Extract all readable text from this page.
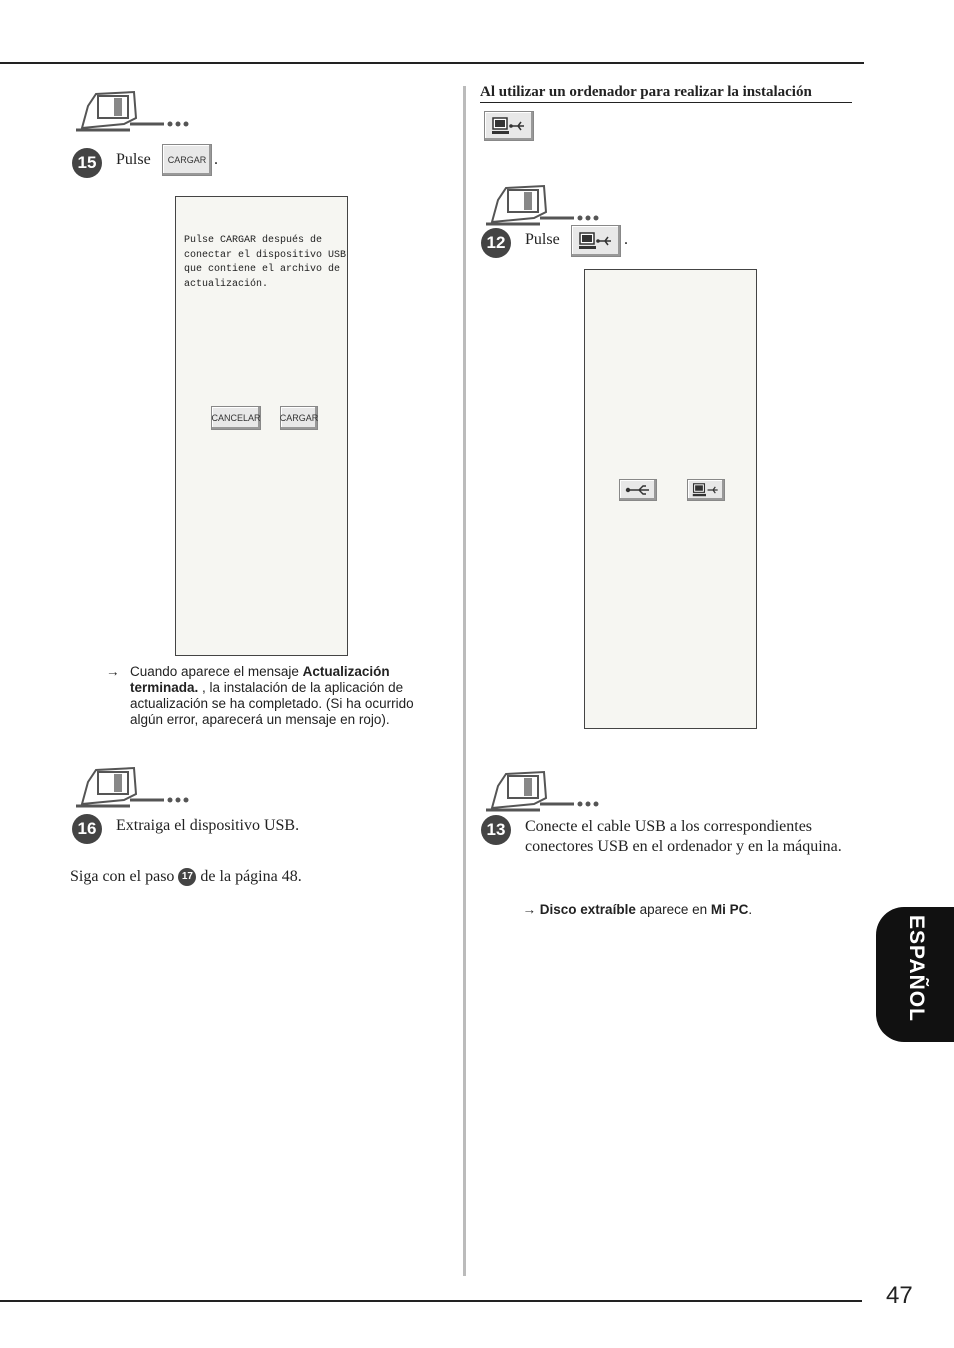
15	Pulse	CARGAR .
Pulse CARGAR después de
conectar el dispositivo USB
que contiene el archivo de
actualización.
CANCELAR CARGAR
→ Cuando aparece el mensaje Actualización terminada. , la instalación de la aplicación de actualización se ha completado. (Si ha ocurrido algún error, aparecerá un mensaje en rojo).
16	Extraiga el dispositivo USB.
Siga con el paso 17 de la página 48.
Al utilizar un ordenador para realizar la instalación
12	Pulse	.
13	Conecte el cable USB a los correspondientes conectores USB en el ordenador y en la máquina.

→ Disco extraíble aparece en Mi PC.

ESPAÑOL
47
